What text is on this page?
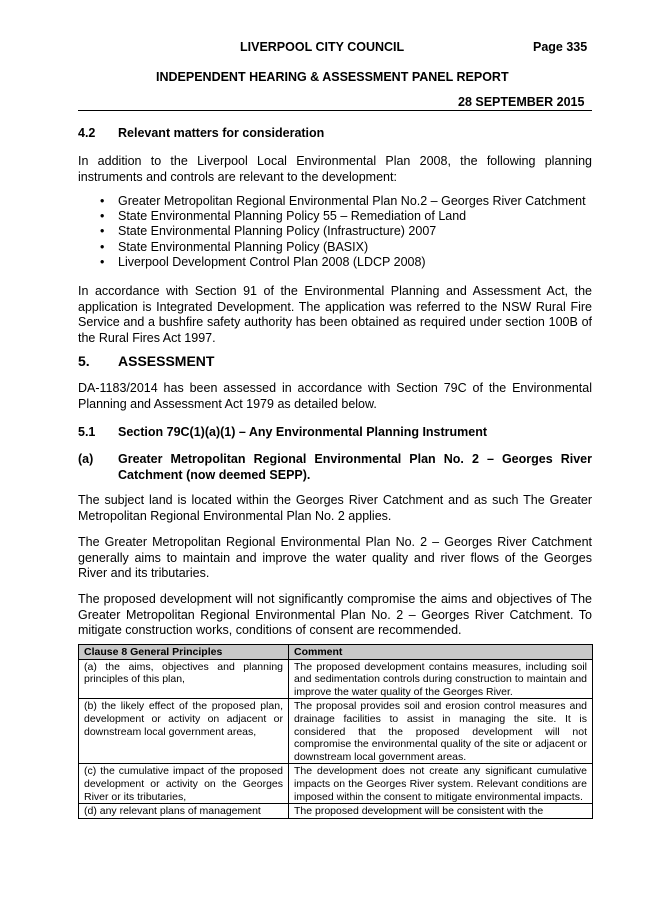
LIVERPOOL CITY COUNCIL	Page 335
INDEPENDENT HEARING & ASSESSMENT PANEL REPORT
28 SEPTEMBER 2015
4.2 Relevant matters for consideration
In addition to the Liverpool Local Environmental Plan 2008, the following planning instruments and controls are relevant to the development:
• Greater Metropolitan Regional Environmental Plan No.2 – Georges River Catchment
• State Environmental Planning Policy 55 – Remediation of Land
• State Environmental Planning Policy (Infrastructure) 2007
• State Environmental Planning Policy (BASIX)
• Liverpool Development Control Plan 2008 (LDCP 2008)
In accordance with Section 91 of the Environmental Planning and Assessment Act, the application is Integrated Development. The application was referred to the NSW Rural Fire Service and a bushfire safety authority has been obtained as required under section 100B of the Rural Fires Act 1997.
5. ASSESSMENT
DA-1183/2014 has been assessed in accordance with Section 79C of the Environmental Planning and Assessment Act 1979 as detailed below.
5.1 Section 79C(1)(a)(1) – Any Environmental Planning Instrument
(a) Greater Metropolitan Regional Environmental Plan No. 2 – Georges River Catchment (now deemed SEPP).
The subject land is located within the Georges River Catchment and as such The Greater Metropolitan Regional Environmental Plan No. 2 applies.
The Greater Metropolitan Regional Environmental Plan No. 2 – Georges River Catchment generally aims to maintain and improve the water quality and river flows of the Georges River and its tributaries.
The proposed development will not significantly compromise the aims and objectives of The Greater Metropolitan Regional Environmental Plan No. 2 – Georges River Catchment. To mitigate construction works, conditions of consent are recommended.
Clause 8 General Principles	Comment
(a) the aims, objectives and planning principles of this plan,	The proposed development contains measures, including soil and sedimentation controls during construction to maintain and improve the water quality of the Georges River.
(b) the likely effect of the proposed plan, development or activity on adjacent or downstream local government areas,	The proposal provides soil and erosion control measures and drainage facilities to assist in managing the site. It is considered that the proposed development will not compromise the environmental quality of the site or adjacent or downstream local government areas.
(c) the cumulative impact of the proposed development or activity on the Georges River or its tributaries,	The development does not create any significant cumulative impacts on the Georges River system. Relevant conditions are imposed within the consent to mitigate environmental impacts.
(d) any relevant plans of management	The proposed development will be consistent with the
